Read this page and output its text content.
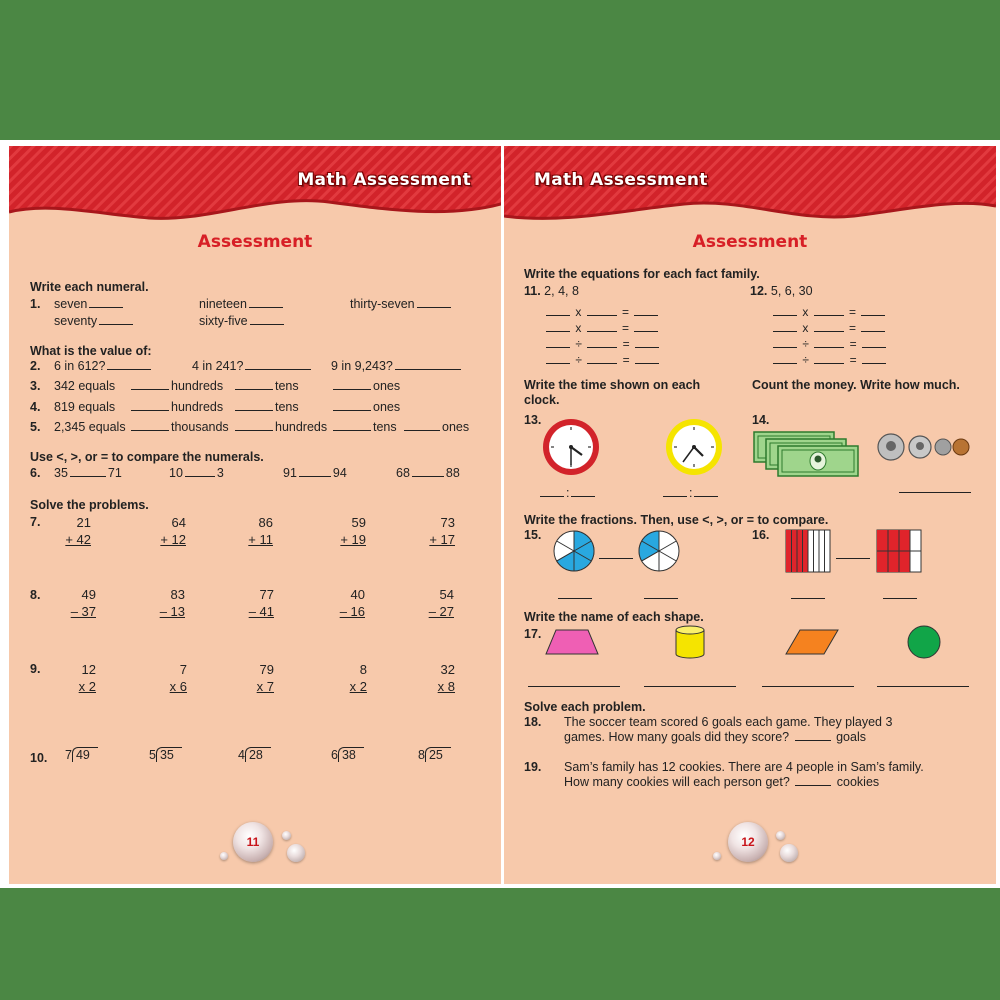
Math Assessment
Assessment
Write each numeral.
1. seven	nineteen	thirty-seven
seventy	sixty-five
What is the value of:
2. 6 in 612?	4 in 241?	9 in 9,243?
3. 342 equals	hundreds	tens	ones
4. 819 equals	hundreds	tens	ones
5. 2,345 equals	thousands	hundreds	tens	ones
Use <, >, or = to compare the numerals.
6. 35	71	10	3	91	94	68	88
Solve the problems.
7.	21
+ 42
64
+ 12
86
+ 11
59
+ 19
73
+ 17
8.	49
– 37
83
– 13
77
– 41
40
– 16
54
– 27
9.	12
x 2
7
x 6
79
x 7
8
x 2
32
x 8
10. 7 49	5 35	4 28	6 38	8 25
11
Math Assessment
Assessment
Write the equations for each fact family.
11. 2, 4, 8	12. 5, 6, 30
x	=
x	=
÷	=
÷	=
x	=
x	=
÷	=
÷	=
Write the time shown on each clock.
Count the money. Write how much.
13.	14.
:	:
Write the fractions. Then, use <, >, or = to compare.
15.	16.
Write the name of each shape.
17.
Solve each problem.
18. The soccer team scored 6 goals each game. They played 3
games. How many goals did they score?	goals
19. Sam’s family has 12 cookies. There are 4 people in Sam’s family.
How many cookies will each person get?	cookies
12
